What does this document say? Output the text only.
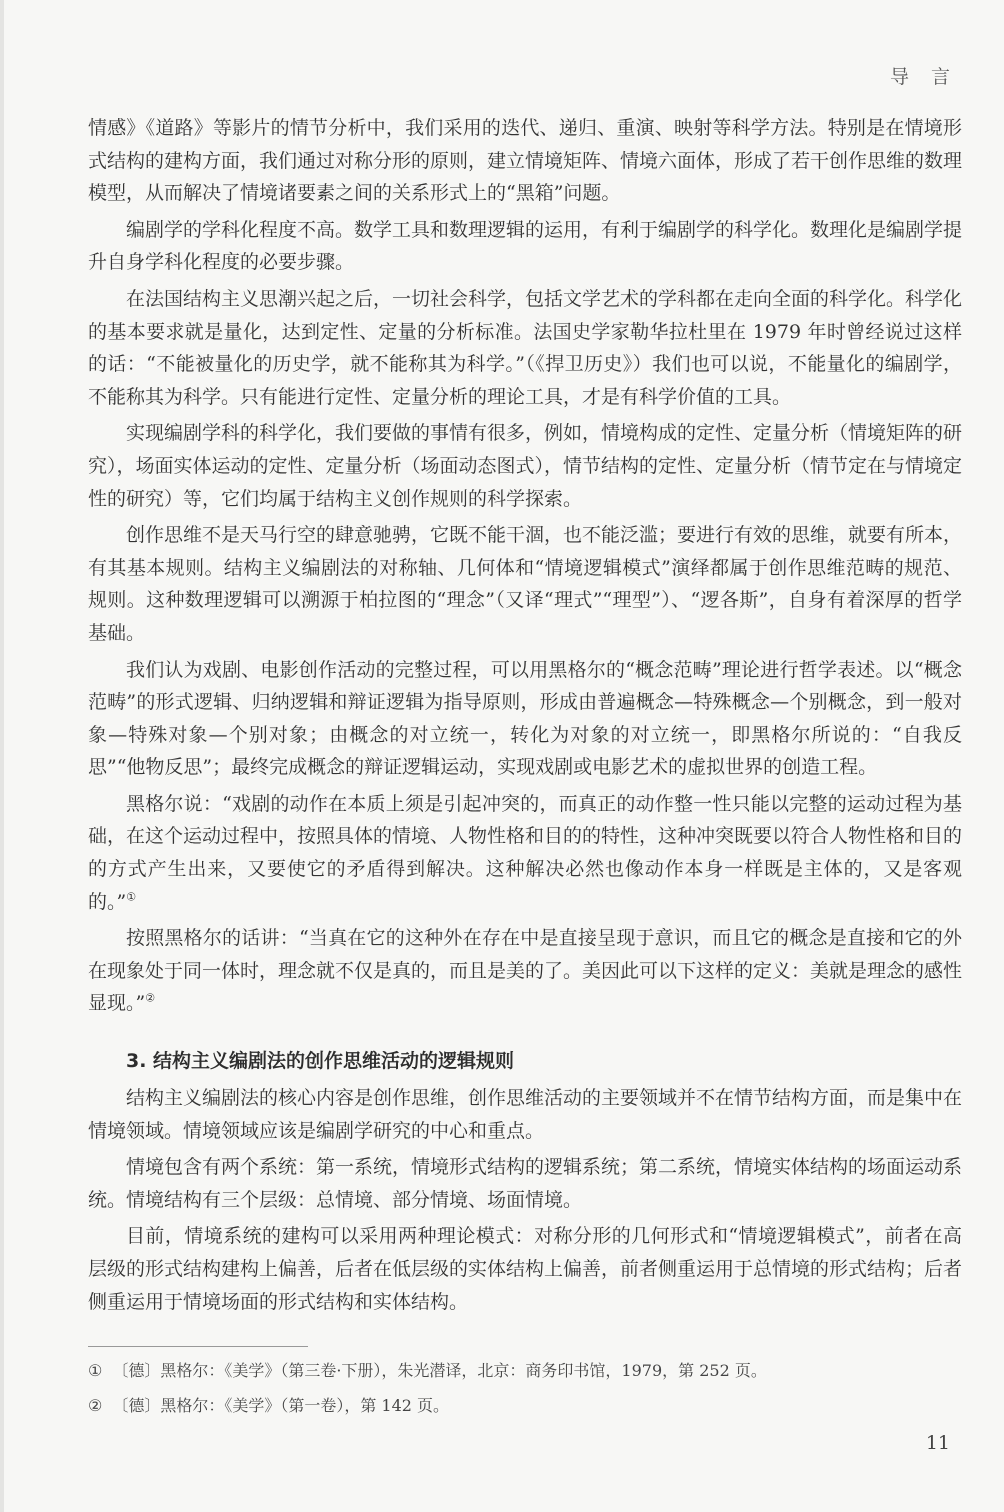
导 言

情感》《道路》等影片的情节分析中，我们采用的迭代、递归、重演、映射等科学方法。特别是在情境形式结构的建构方面，我们通过对称分形的原则，建立情境矩阵、情境六面体，形成了若干创作思维的数理模型，从而解决了情境诸要素之间的关系形式上的“黑箱”问题。

编剧学的学科化程度不高。数学工具和数理逻辑的运用，有利于编剧学的科学化。数理化是编剧学提升自身学科化程度的必要步骤。

在法国结构主义思潮兴起之后，一切社会科学，包括文学艺术的学科都在走向全面的科学化。科学化的基本要求就是量化，达到定性、定量的分析标准。法国史学家勒华拉杜里在 1979 年时曾经说过这样的话：“不能被量化的历史学，就不能称其为科学。”（《捍卫历史》）我们也可以说，不能量化的编剧学，不能称其为科学。只有能进行定性、定量分析的理论工具，才是有科学价值的工具。

实现编剧学科的科学化，我们要做的事情有很多，例如，情境构成的定性、定量分析（情境矩阵的研究），场面实体运动的定性、定量分析（场面动态图式），情节结构的定性、定量分析（情节定在与情境定性的研究）等，它们均属于结构主义创作规则的科学探索。

创作思维不是天马行空的肆意驰骋，它既不能干涸，也不能泛滥；要进行有效的思维，就要有所本，有其基本规则。结构主义编剧法的对称轴、几何体和“情境逻辑模式”演绎都属于创作思维范畴的规范、规则。这种数理逻辑可以溯源于柏拉图的“理念”（又译“理式”“理型”）、“逻各斯”，自身有着深厚的哲学基础。

我们认为戏剧、电影创作活动的完整过程，可以用黑格尔的“概念范畴”理论进行哲学表述。以“概念范畴”的形式逻辑、归纳逻辑和辩证逻辑为指导原则，形成由普遍概念—特殊概念—个别概念，到一般对象—特殊对象—个别对象；由概念的对立统一，转化为对象的对立统一，即黑格尔所说的：“自我反思”“他物反思”；最终完成概念的辩证逻辑运动，实现戏剧或电影艺术的虚拟世界的创造工程。

黑格尔说：“戏剧的动作在本质上须是引起冲突的，而真正的动作整一性只能以完整的运动过程为基础，在这个运动过程中，按照具体的情境、人物性格和目的的特性，这种冲突既要以符合人物性格和目的的方式产生出来，又要使它的矛盾得到解决。这种解决必然也像动作本身一样既是主体的，又是客观的。”①

按照黑格尔的话讲：“当真在它的这种外在存在中是直接呈现于意识，而且它的概念是直接和它的外在现象处于同一体时，理念就不仅是真的，而且是美的了。美因此可以下这样的定义：美就是理念的感性显现。”②

3. 结构主义编剧法的创作思维活动的逻辑规则

结构主义编剧法的核心内容是创作思维，创作思维活动的主要领域并不在情节结构方面，而是集中在情境领域。情境领域应该是编剧学研究的中心和重点。

情境包含有两个系统：第一系统，情境形式结构的逻辑系统；第二系统，情境实体结构的场面运动系统。情境结构有三个层级：总情境、部分情境、场面情境。

目前，情境系统的建构可以采用两种理论模式：对称分形的几何形式和“情境逻辑模式”，前者在高层级的形式结构建构上偏善，后者在低层级的实体结构上偏善，前者侧重运用于总情境的形式结构；后者侧重运用于情境场面的形式结构和实体结构。

① 〔德〕黑格尔：《美学》（第三卷·下册），朱光潜译，北京：商务印书馆，1979，第 252 页。
② 〔德〕黑格尔：《美学》（第一卷），第 142 页。
11
